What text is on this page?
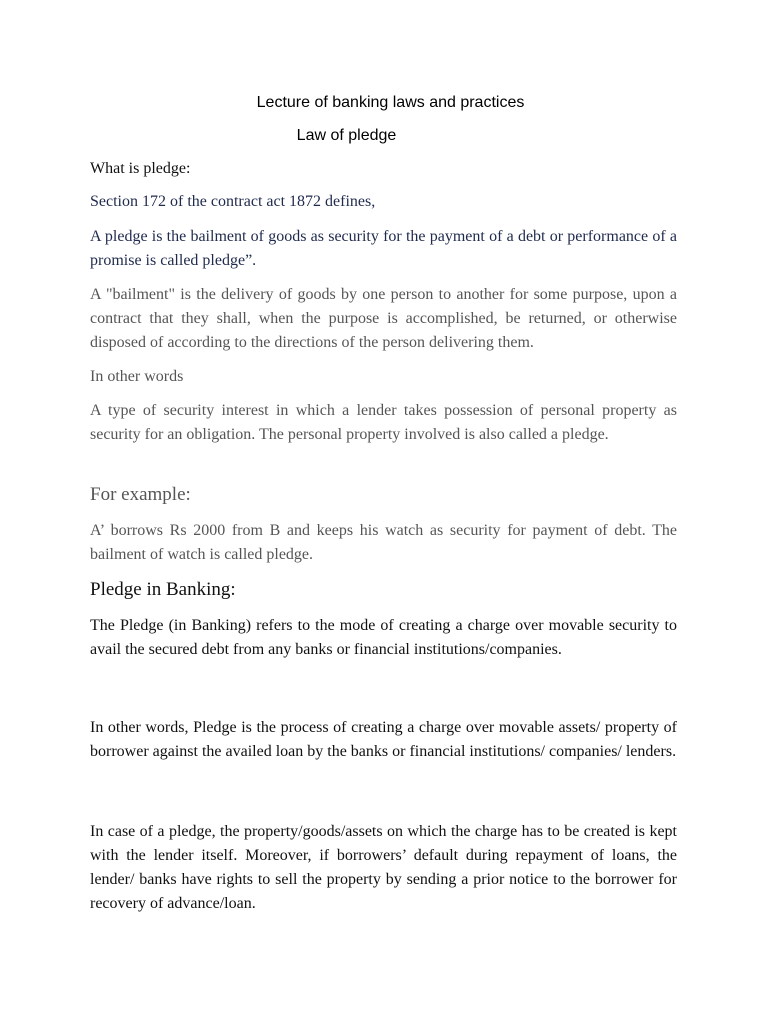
Lecture of banking laws and practices

Law of pledge

What is pledge:

Section 172 of the contract act 1872 defines,

A pledge is the bailment of goods as security for the payment of a debt or performance of a promise is called pledge”.

A "bailment" is the delivery of goods by one person to another for some purpose, upon a contract that they shall, when the purpose is accomplished, be returned, or otherwise disposed of according to the directions of the person delivering them.

In other words

A type of security interest in which a lender takes possession of personal property as security for an obligation. The personal property involved is also called a pledge.

For example:

A’ borrows Rs 2000 from B and keeps his watch as security for payment of debt. The bailment of watch is called pledge.

Pledge in Banking:

The Pledge (in Banking) refers to the mode of creating a charge over movable security to avail the secured debt from any banks or financial institutions/companies.

In other words, Pledge is the process of creating a charge over movable assets/ property of borrower against the availed loan by the banks or financial institutions/ companies/ lenders.

In case of a pledge, the property/goods/assets on which the charge has to be created is kept with the lender itself. Moreover, if borrowers’ default during repayment of loans, the lender/ banks have rights to sell the property by sending a prior notice to the borrower for recovery of advance/loan.
